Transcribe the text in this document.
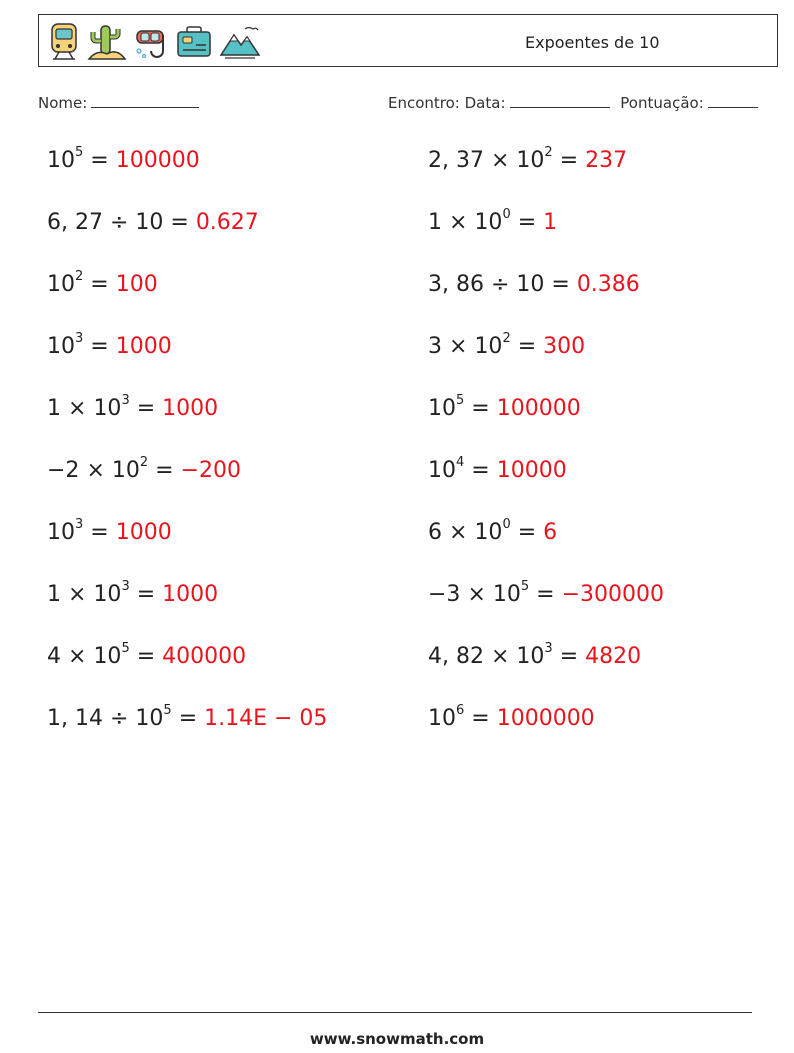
Expoentes de 10
Nome:	Encontro: Data:	Pontuação:
$10^5 = 100000$
6, 27 ÷ 10 = 0.627
$10^2 = 100$
$10^3 = 1000$
$1 \times 10^3 = 1000$
$-2 \times 10^2 = -200$
$10^3 = 1000$
$1 \times 10^3 = 1000$
$4 \times 10^5 = 400000$
1, $14 \div 10^5 = 1.14E - 05$
2, $37 \times 10^2 = 237$
$1 \times 10^0 = 1$
3, 86 ÷ 10 = 0.386
$3 \times 10^2 = 300$
$10^5 = 100000$
$10^4 = 10000$
$6 \times 10^0 = 6$
$-3 \times 10^5 = -300000$
4, $82 \times 10^3 = 4820$
$10^6 = 1000000$
www.snowmath.com
